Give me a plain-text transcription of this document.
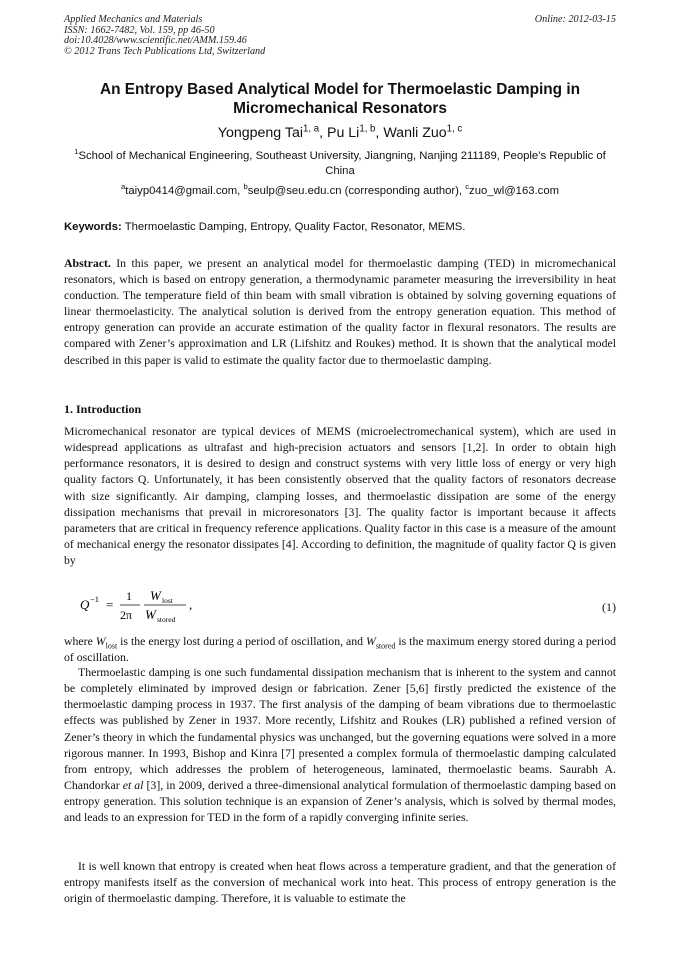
Applied Mechanics and Materials
ISSN: 1662-7482, Vol. 159, pp 46-50
doi:10.4028/www.scientific.net/AMM.159.46
© 2012 Trans Tech Publications Ltd, Switzerland
Online: 2012-03-15
An Entropy Based Analytical Model for Thermoelastic Damping in Micromechanical Resonators
Yongpeng Tai$^{1, a}$, Pu Li$^{1, b}$, Wanli Zuo$^{1, c}$
$^1$School of Mechanical Engineering, Southeast University, Jiangning, Nanjing 211189, People’s Republic of China
$^a$taiyp0414@gmail.com, $^b$seulp@seu.edu.cn (corresponding author), $^c$zuo_wl@163.com
Keywords: Thermoelastic Damping, Entropy, Quality Factor, Resonator, MEMS.
Abstract. In this paper, we present an analytical model for thermoelastic damping (TED) in micromechanical resonators, which is based on entropy generation, a thermodynamic parameter measuring the irreversibility in heat conduction. The temperature field of thin beam with small vibration is obtained by solving governing equations of linear thermoelasticity. The analytical solution is derived from the entropy generation equation. This method of entropy generation can provide an accurate estimation of the quality factor in flexural resonators. The results are compared with Zener’s approximation and LR (Lifshitz and Roukes) method. It is shown that the analytical model described in this paper is valid to estimate the quality factor due to thermoelastic damping.
1. Introduction
Micromechanical resonator are typical devices of MEMS (microelectromechanical system), which are used in widespread applications as ultrafast and high-precision actuators and sensors [1,2]. In order to obtain high performance resonators, it is desired to design and construct systems with very little loss of energy or very high quality factors Q. Unfortunately, it has been consistently observed that the quality factors of resonators decrease with size significantly. Air damping, clamping losses, and thermoelastic dissipation are some of the energy dissipation mechanisms that prevail in microresonators [3]. The quality factor is important because it affects parameters that are critical in frequency reference applications. Quality factor in this case is a measure of the amount of mechanical energy the resonator dissipates [4]. According to definition, the magnitude of quality factor Q is given by
Q −1 =
1
2π
W lost
W stored
,	(1)
where $W_{lost}$ is the energy lost during a period of oscillation, and $W_{stored}$ is the maximum energy stored during a period of oscillation.
Thermoelastic damping is one such fundamental dissipation mechanism that is inherent to the system and cannot be completely eliminated by improved design or fabrication. Zener [5,6] firstly predicted the existence of the thermoelastic damping process in 1937. The first analysis of the damping of beam vibrations due to thermoelastic effects was published by Zener in 1937. More recently, Lifshitz and Roukes (LR) published a refined version of Zener’s theory in which the fundamental physics was unchanged, but the governing equations were solved in a more rigorous manner. In 1993, Bishop and Kinra [7] presented a complex formula of thermoelastic damping calculated from entropy, which addresses the problem of heterogeneous, laminated, thermoelastic beams. Saurabh A. Chandorkar et al [3], in 2009, derived a three-dimensional analytical formulation of thermoelastic damping based on entropy generation. This solution technique is an expansion of Zener’s analysis, which is solved by thermal modes, and leads to an expression for TED in the form of a rapidly converging infinite series.
It is well known that entropy is created when heat flows across a temperature gradient, and that the generation of entropy manifests itself as the conversion of mechanical work into heat. This process of entropy generation is the origin of thermoelastic damping. Therefore, it is valuable to estimate the
